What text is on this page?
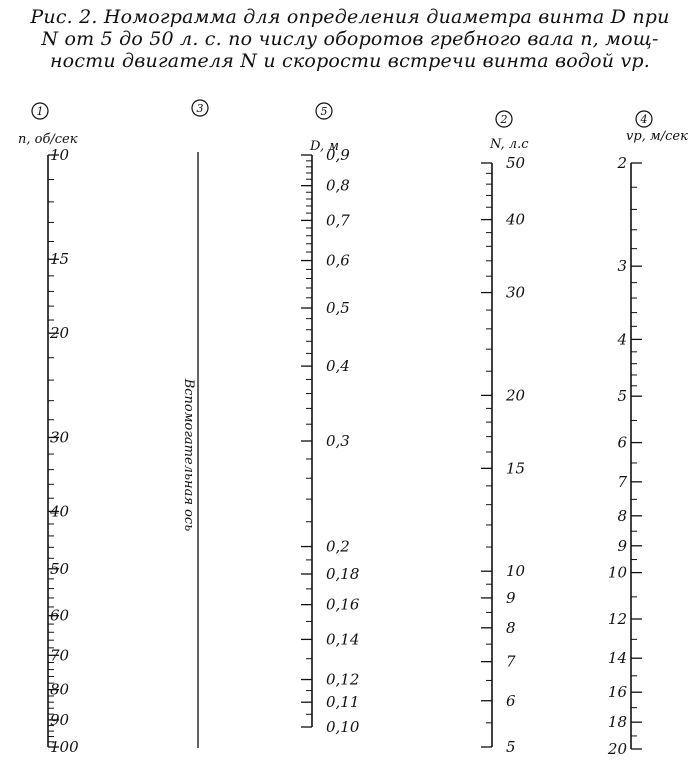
Рис. 2. Номограмма для определения диаметра винта D при
N от 5 до 50 л. с. по числу оборотов гребного вала n, мощ-
ности двигателя N и скорости встречи винта водой vp.
1
n, об/сек
10
15
20
30
40
50
60
70
80
90
100
3
Вспомогательная ось
5
D, м
0,9
0,8
0,7
0,6
0,5
0,4
0,3
0,2
0,18
0,16
0,14
0,12
0,11
0,10
2
N, л.с
50
40
30
20
15
10
9
8
7
6
5
4
vр, м/сек
2
3
4
5
6
7
8
9
10
12
14
16
18
20
